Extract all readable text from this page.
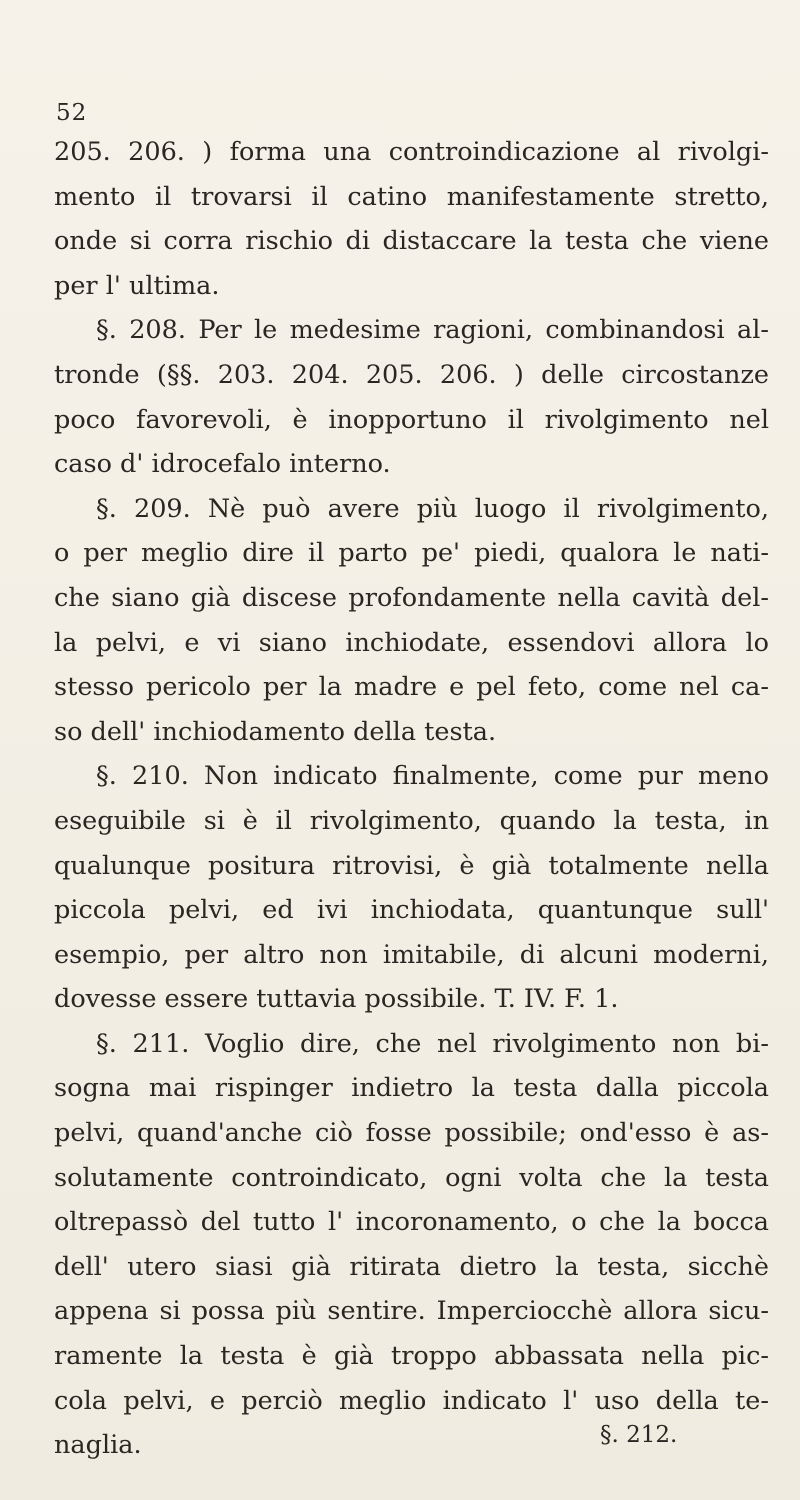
52
205. 206. ) forma una controindicazione al rivolgi-
mento il trovarsi il catino manifestamente stretto,
onde si corra rischio di distaccare la testa che viene
per l' ultima.
§. 208. Per le medesime ragioni, combinandosi al-
tronde (§§. 203. 204. 205. 206. ) delle circostanze
poco favorevoli, è inopportuno il rivolgimento nel
caso d' idrocefalo interno.
§. 209. Nè può avere più luogo il rivolgimento,
o per meglio dire il parto pe' piedi, qualora le nati-
che siano già discese profondamente nella cavità del-
la pelvi, e vi siano inchiodate, essendovi allora lo
stesso pericolo per la madre e pel feto, come nel ca-
so dell' inchiodamento della testa.
§. 210. Non indicato finalmente, come pur meno
eseguibile si è il rivolgimento, quando la testa, in
qualunque positura ritrovisi, è già totalmente nella
piccola pelvi, ed ivi inchiodata, quantunque sull'
esempio, per altro non imitabile, di alcuni moderni,
dovesse essere tuttavia possibile. T. IV. F. 1.
§. 211. Voglio dire, che nel rivolgimento non bi-
sogna mai rispinger indietro la testa dalla piccola
pelvi, quand'anche ciò fosse possibile; ond'esso è as-
solutamente controindicato, ogni volta che la testa
oltrepassò del tutto l' incoronamento, o che la bocca
dell' utero siasi già ritirata dietro la testa, sicchè
appena si possa più sentire. Imperciocchè allora sicu-
ramente la testa è già troppo abbassata nella pic-
cola pelvi, e perciò meglio indicato l' uso della te-
naglia.	§. 212.
